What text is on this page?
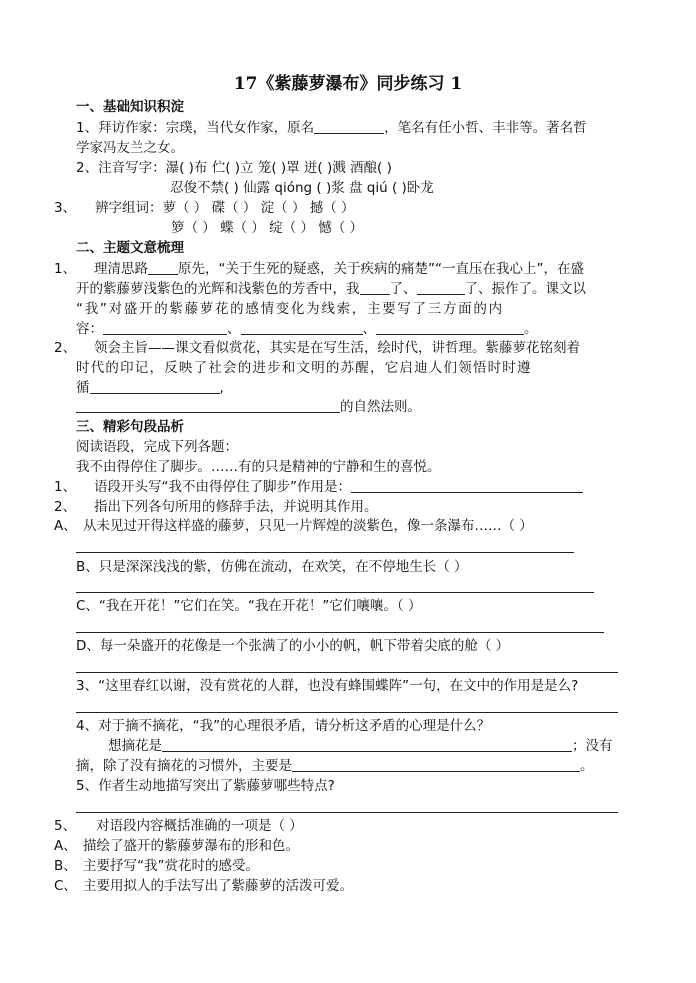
17《紫藤萝瀑布》同步练习 1
一、基础知识积淀
1、拜访作家：宗璞，当代女作家，原名	，笔名有任小哲、丰非等。著名哲
学家冯友兰之女。
2、注音写字：瀑( )布 伫( )立 笼( )罩 迸( )溅 酒酿( )
忍俊不禁( ) 仙露 qióng ( )浆 盘 qiú ( )卧龙
3、 辨字组词：萝（ ） 碟（ ） 淀（ ） 撼（ ）
箩（ ） 蝶（ ） 绽（ ） 憾（ ）
二、主题文意梳理
1、 理清思路 原先，“关于生死的疑惑，关于疾病的痛楚”“一直压在我心上”，在盛
开的紫藤萝浅紫色的光辉和浅紫色的芳香中，我 了、	了、振作了。课文以
“我”对盛开的紫藤萝花的感情变化为线索，主要写了三方面的内
容：	、	、	。
2、 领会主旨——课文看似赏花，其实是在写生活，绘时代，讲哲理。紫藤萝花铭刻着
时代的印记，反映了社会的进步和文明的苏醒，它启迪人们领悟时时遵
循	,
的自然法则。
三、精彩句段品析
阅读语段，完成下列各题：
我不由得停住了脚步。……有的只是精神的宁静和生的喜悦。
1、 语段开头写“我不由得停住了脚步”作用是：
2、 指出下列各句所用的修辞手法，并说明其作用。
A、 从未见过开得这样盛的藤萝，只见一片辉煌的淡紫色，像一条瀑布……（ ）
B、只是深深浅浅的紫，仿佛在流动，在欢笑，在不停地生长（ ）
C、“我在开花！”它们在笑。“我在开花！”它们嚷嚷。（ ）
D、每一朵盛开的花像是一个张满了的小小的帆，帆下带着尖底的舱（ ）
3、“这里春红以谢，没有赏花的人群，也没有蜂围蝶阵”一句，在文中的作用是是么?
4、对于摘不摘花，“我”的心理很矛盾，请分析这矛盾的心理是什么？
想摘花是	；没有
摘，除了没有摘花的习惯外，主要是	。
5、作者生动地描写突出了紫藤萝哪些特点?
5、 对语段内容概括准确的一项是（ ）
A、 描绘了盛开的紫藤萝瀑布的形和色。
B、 主要抒写“我”赏花时的感受。
C、 主要用拟人的手法写出了紫藤萝的活泼可爱。
